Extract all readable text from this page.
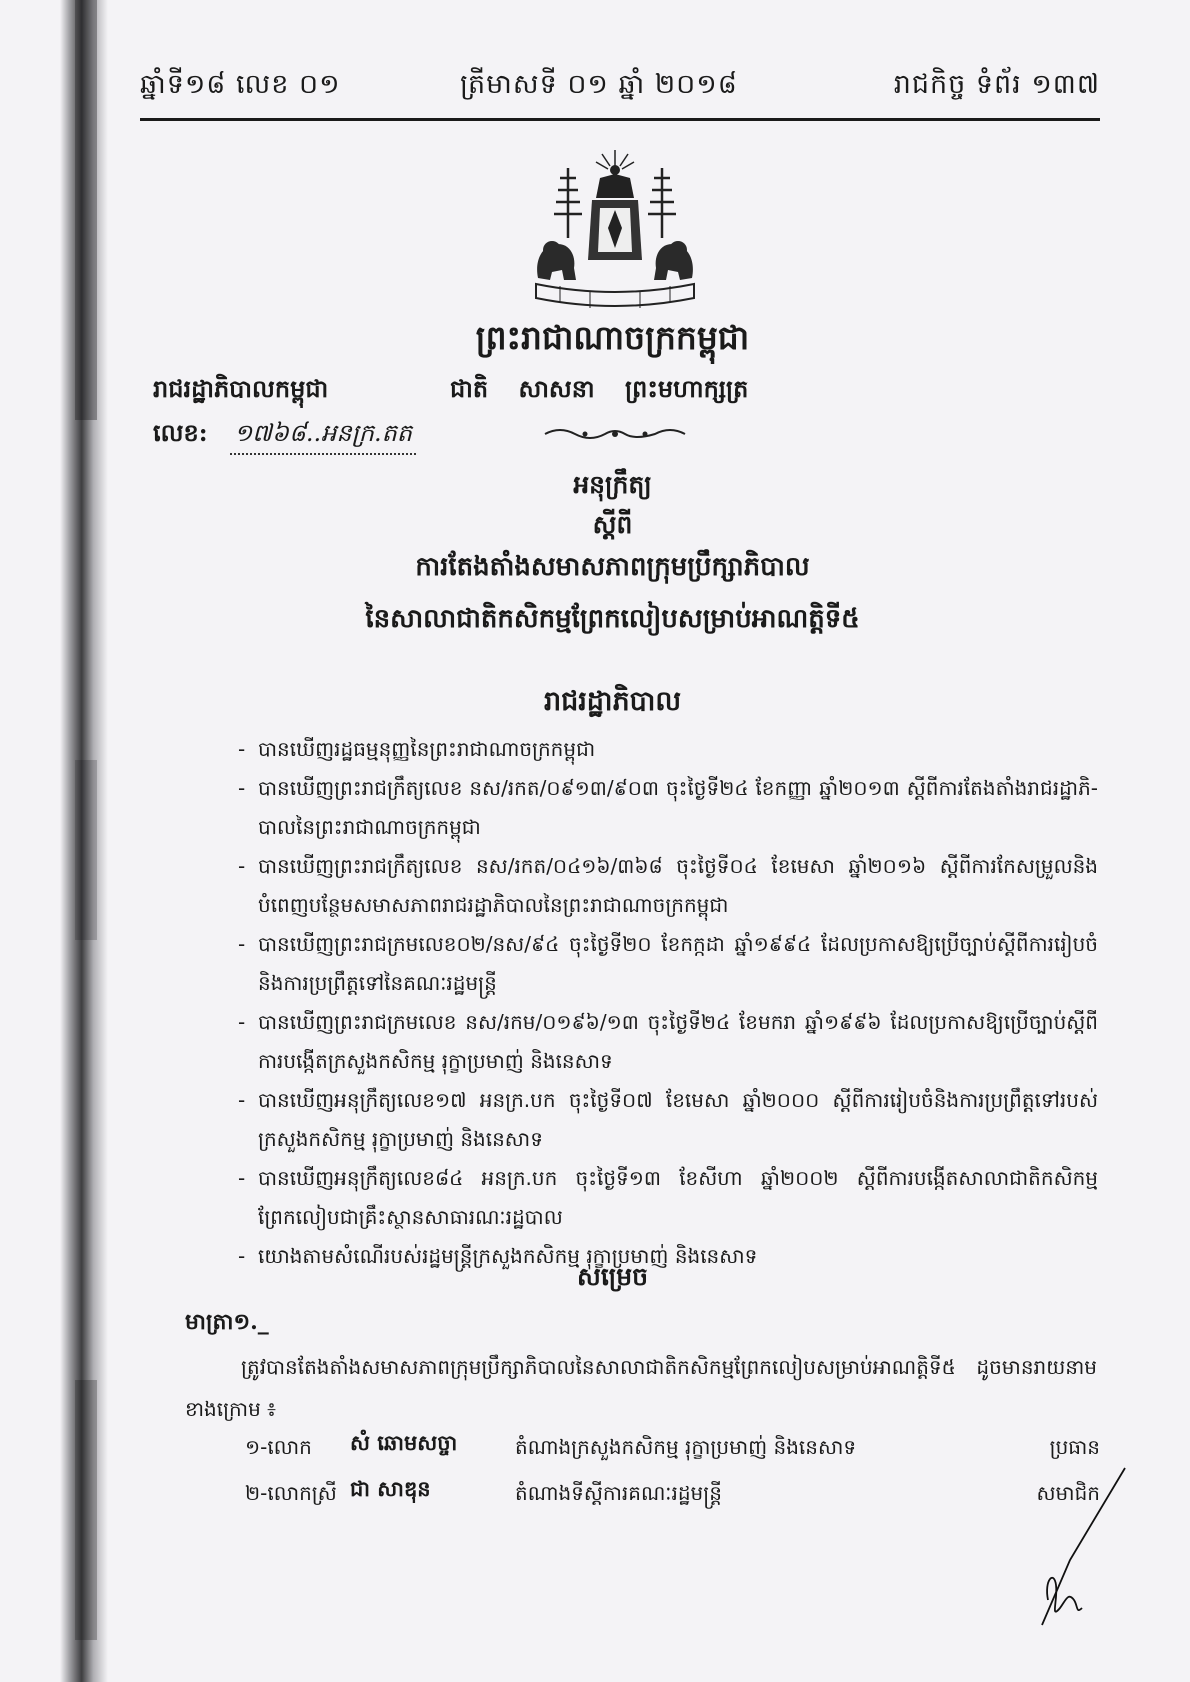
ឆ្នាំទី១៨ លេខ ០១	ត្រីមាសទី ០១ ឆ្នាំ ២០១៨	រាជកិច្ច ទំព័រ ១៣៧
ព្រះរាជាណាចក្រកម្ពុជា
រាជរដ្ឋាភិបាលកម្ពុជា	ជាតិ សាសនា ព្រះមហាក្សត្រ
លេខ: ១៧៦៨..អនក្រ.តត
អនុក្រឹត្យ
ស្តីពី
ការតែងតាំងសមាសភាពក្រុមប្រឹក្សាភិបាល
នៃសាលាជាតិកសិកម្មព្រែកលៀបសម្រាប់អាណត្តិទី៥
រាជរដ្ឋាភិបាល
- បានឃើញរដ្ឋធម្មនុញ្ញនៃព្រះរាជាណាចក្រកម្ពុជា
- បានឃើញព្រះរាជក្រឹត្យលេខ នស/រកត/០៩១៣/៩០៣ ចុះថ្ងៃទី២៤ ខែកញ្ញា ឆ្នាំ២០១៣ ស្តីពីការតែងតាំងរាជរដ្ឋាភិ-បាលនៃព្រះរាជាណាចក្រកម្ពុជា
- បានឃើញព្រះរាជក្រឹត្យលេខ នស/រកត/០៤១៦/៣៦៨ ចុះថ្ងៃទី០៤ ខែមេសា ឆ្នាំ២០១៦ ស្តីពីការកែសម្រួលនិងបំពេញបន្ថែមសមាសភាពរាជរដ្ឋាភិបាលនៃព្រះរាជាណាចក្រកម្ពុជា
- បានឃើញព្រះរាជក្រមលេខ០២/នស/៩៤ ចុះថ្ងៃទី២០ ខែកក្កដា ឆ្នាំ១៩៩៤ ដែលប្រកាសឱ្យប្រើច្បាប់ស្តីពីការរៀបចំនិងការប្រព្រឹត្តទៅនៃគណៈរដ្ឋមន្ត្រី
- បានឃើញព្រះរាជក្រមលេខ នស/រកម/០១៩៦/១៣ ចុះថ្ងៃទី២៤ ខែមករា ឆ្នាំ១៩៩៦ ដែលប្រកាសឱ្យប្រើច្បាប់ស្តីពីការបង្កើតក្រសួងកសិកម្ម រុក្ខាប្រមាញ់ និងនេសាទ
- បានឃើញអនុក្រឹត្យលេខ១៧ អនក្រ.បក ចុះថ្ងៃទី០៧ ខែមេសា ឆ្នាំ២០០០ ស្តីពីការរៀបចំនិងការប្រព្រឹត្តទៅរបស់ក្រសួងកសិកម្ម រុក្ខាប្រមាញ់ និងនេសាទ
- បានឃើញអនុក្រឹត្យលេខ៨៤ អនក្រ.បក ចុះថ្ងៃទី១៣ ខែសីហា ឆ្នាំ២០០២ ស្តីពីការបង្កើតសាលាជាតិកសិកម្មព្រែកលៀបជាគ្រឹះស្ថានសាធារណៈរដ្ឋបាល
- យោងតាមសំណើរបស់រដ្ឋមន្ត្រីក្រសួងកសិកម្ម រុក្ខាប្រមាញ់ និងនេសាទ
សម្រេច
មាត្រា១._

ត្រូវបានតែងតាំងសមាសភាពក្រុមប្រឹក្សាភិបាលនៃសាលាជាតិកសិកម្មព្រែកលៀបសម្រាប់អាណត្តិទី៥ ដូចមានរាយនាមខាងក្រោម ៖

១-លោក សំ ឆោមសច្ចា	តំណាងក្រសួងកសិកម្ម រុក្ខាប្រមាញ់ និងនេសាទ	ប្រធាន
២-លោកស្រី ជា សាឌុន	តំណាងទីស្តីការគណៈរដ្ឋមន្ត្រី	សមាជិក
